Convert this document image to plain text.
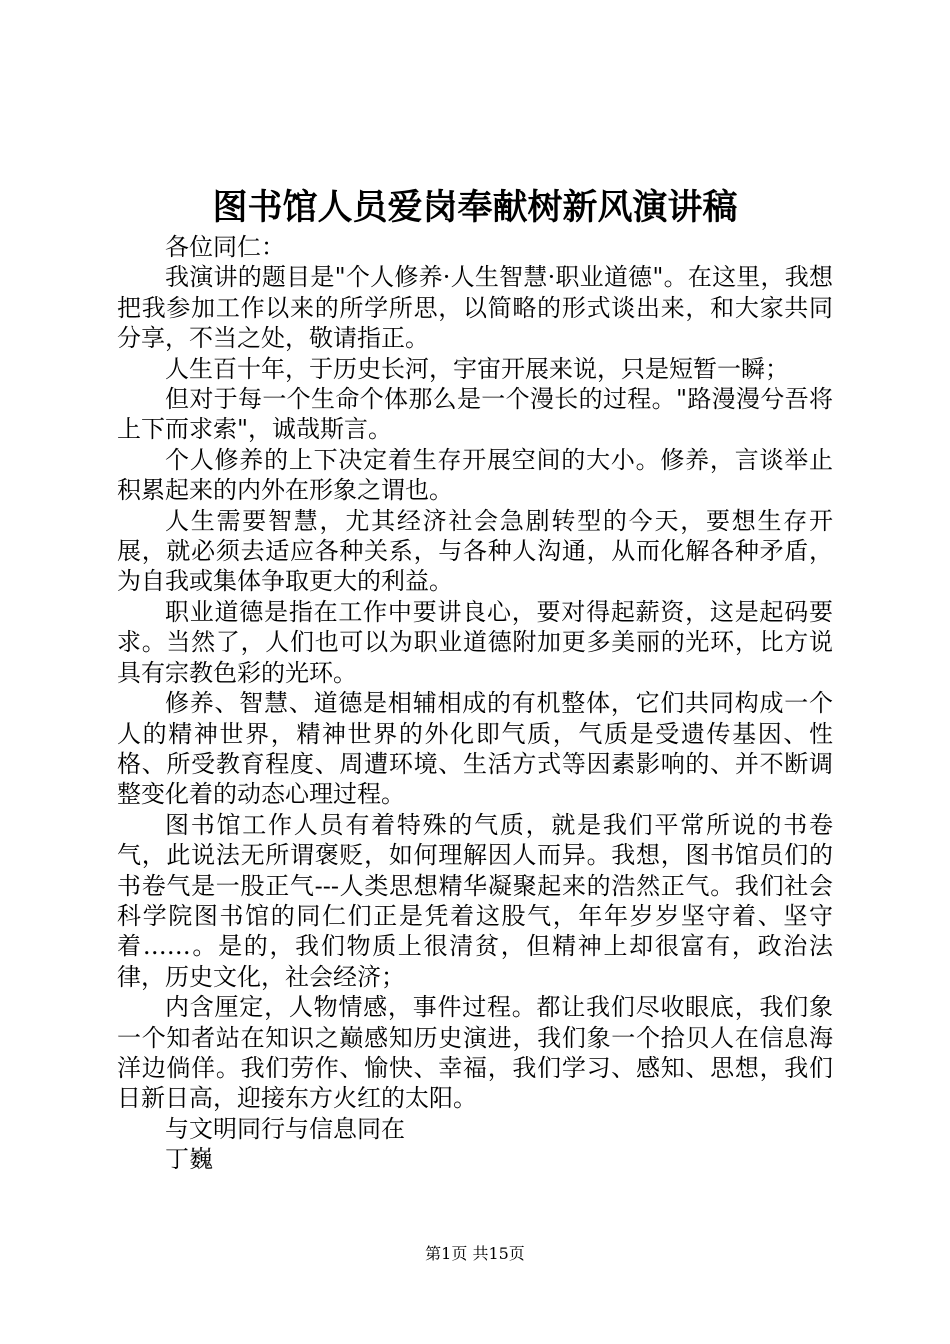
图书馆人员爱岗奉献树新风演讲稿

各位同仁：

我演讲的题目是"个人修养·人生智慧·职业道德"。在这里，我想把我参加工作以来的所学所思，以简略的形式谈出来，和大家共同分享，不当之处，敬请指正。

人生百十年，于历史长河，宇宙开展来说，只是短暂一瞬；

但对于每一个生命个体那么是一个漫长的过程。"路漫漫兮吾将上下而求索"，诚哉斯言。

个人修养的上下决定着生存开展空间的大小。修养，言谈举止积累起来的内外在形象之谓也。

人生需要智慧，尤其经济社会急剧转型的今天，要想生存开展，就必须去适应各种关系，与各种人沟通，从而化解各种矛盾，为自我或集体争取更大的利益。

职业道德是指在工作中要讲良心，要对得起薪资，这是起码要求。当然了，人们也可以为职业道德附加更多美丽的光环，比方说具有宗教色彩的光环。

修养、智慧、道德是相辅相成的有机整体，它们共同构成一个人的精神世界，精神世界的外化即气质，气质是受遗传基因、性格、所受教育程度、周遭环境、生活方式等因素影响的、并不断调整变化着的动态心理过程。

图书馆工作人员有着特殊的气质，就是我们平常所说的书卷气，此说法无所谓褒贬，如何理解因人而异。我想，图书馆员们的书卷气是一股正气---人类思想精华凝聚起来的浩然正气。我们社会科学院图书馆的同仁们正是凭着这股气，年年岁岁坚守着、坚守着……。是的，我们物质上很清贫，但精神上却很富有，政治法律，历史文化，社会经济；

内含厘定，人物情感，事件过程。都让我们尽收眼底，我们象一个知者站在知识之巅感知历史演进，我们象一个拾贝人在信息海洋边倘佯。我们劳作、愉快、幸福，我们学习、感知、思想，我们日新日高，迎接东方火红的太阳。

与文明同行与信息同在

丁巍

第1页 共15页
